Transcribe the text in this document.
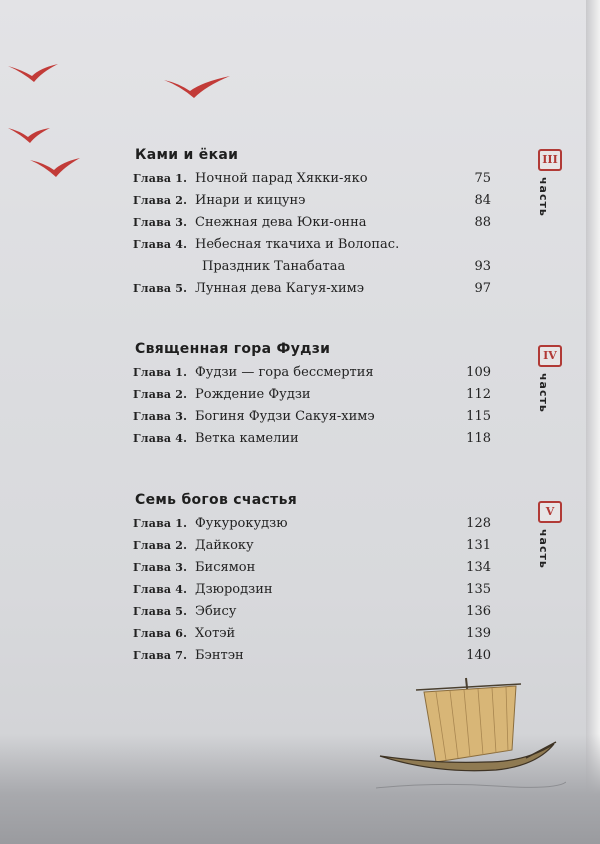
Ками и ёкаи
Глава 1. Ночной парад Хякки-яко	75
Глава 2. Инари и кицунэ	84
Глава 3. Снежная дева Юки-онна	88
Глава 4. Небесная ткачиха и Волопас.
Праздник Танабатаа	93
Глава 5. Лунная дева Кагуя-химэ	97
Священная гора Фудзи
Глава 1. Фудзи — гора бессмертия	109
Глава 2. Рождение Фудзи	112
Глава 3. Богиня Фудзи Сакуя-химэ	115
Глава 4. Ветка камелии	118
Семь богов счастья
Глава 1. Фукурокудзю	128
Глава 2. Дайкоку	131
Глава 3. Бисямон	134
Глава 4. Дзюродзин	135
Глава 5. Эбису	136
Глава 6. Хотэй	139
Глава 7. Бэнтэн	140
III
часть
IV
часть
V
часть
